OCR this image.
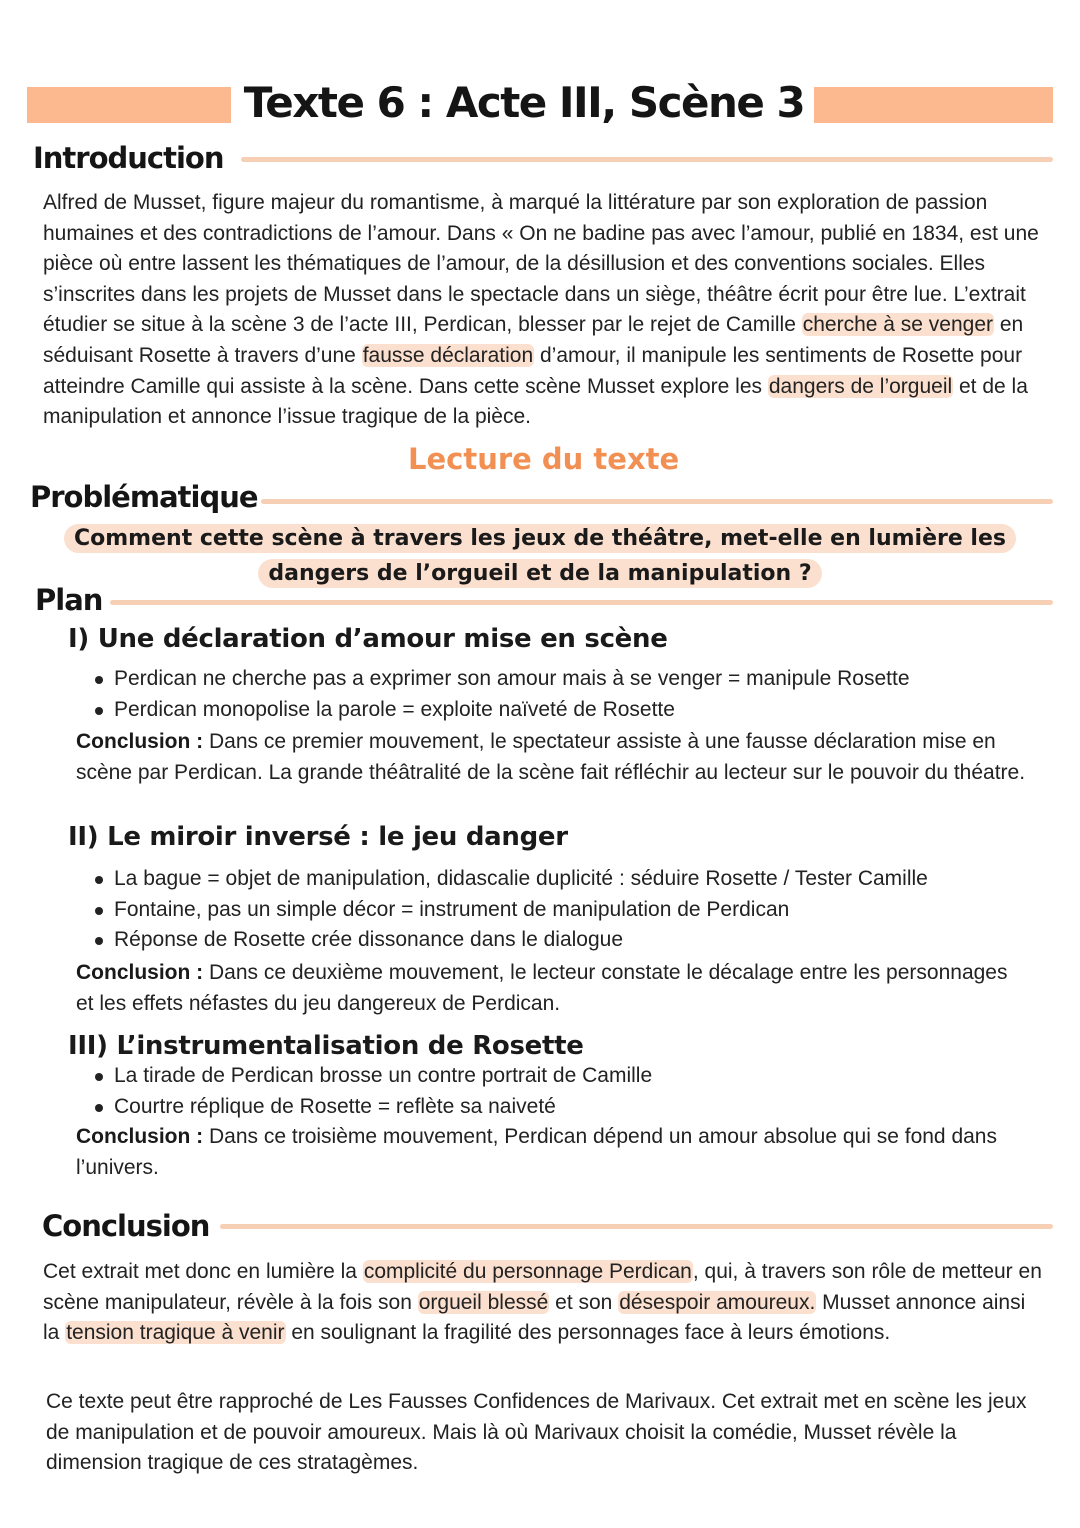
Texte 6 : Acte III, Scène 3
Introduction

Alfred de Musset, figure majeur du romantisme, à marqué la littérature par son exploration de passion humaines et des contradictions de l’amour. Dans « On ne badine pas avec l’amour, publié en 1834, est une pièce où entre lassent les thématiques de l’amour, de la désillusion et des conventions sociales. Elles s’inscrites dans les projets de Musset dans le spectacle dans un siège, théâtre écrit pour être lue. L’extrait étudier se situe à la scène 3 de l’acte III, Perdican, blesser par le rejet de Camille cherche à se venger en séduisant Rosette à travers d’une fausse déclaration d’amour, il manipule les sentiments de Rosette pour atteindre Camille qui assiste à la scène. Dans cette scène Musset explore les dangers de l’orgueil et de la manipulation et annonce l’issue tragique de la pièce.

Lecture du texte
Problématique
Comment cette scène à travers les jeux de théâtre, met-elle en lumière les
dangers de l’orgueil et de la manipulation ?
Plan
I) Une déclaration d’amour mise en scène
Perdican ne cherche pas a exprimer son amour mais à se venger = manipule Rosette
Perdican monopolise la parole = exploite naïveté de Rosette

Conclusion : Dans ce premier mouvement, le spectateur assiste à une fausse déclaration mise en scène par Perdican. La grande théâtralité de la scène fait réfléchir au lecteur sur le pouvoir du théatre.

II) Le miroir inversé : le jeu danger
La bague = objet de manipulation, didascalie duplicité : séduire Rosette / Tester Camille
Fontaine, pas un simple décor = instrument de manipulation de Perdican
Réponse de Rosette crée dissonance dans le dialogue

Conclusion : Dans ce deuxième mouvement, le lecteur constate le décalage entre les personnages et les effets néfastes du jeu dangereux de Perdican.

III) L’instrumentalisation de Rosette
La tirade de Perdican brosse un contre portrait de Camille
Courtre réplique de Rosette = reflète sa naiveté

Conclusion : Dans ce troisième mouvement, Perdican dépend un amour absolue qui se fond dans l’univers.

Conclusion

Cet extrait met donc en lumière la complicité du personnage Perdican, qui, à travers son rôle de metteur en scène manipulateur, révèle à la fois son orgueil blessé et son désespoir amoureux. Musset annonce ainsi la tension tragique à venir en soulignant la fragilité des personnages face à leurs émotions.

Ce texte peut être rapproché de Les Fausses Confidences de Marivaux. Cet extrait met en scène les jeux de manipulation et de pouvoir amoureux. Mais là où Marivaux choisit la comédie, Musset révèle la dimension tragique de ces stratagèmes.
